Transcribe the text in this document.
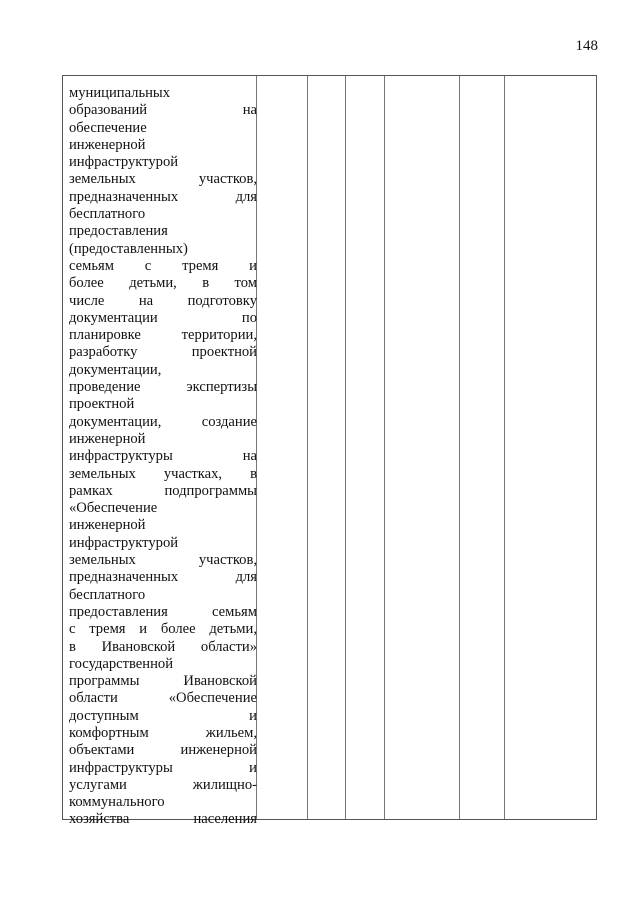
148
муниципальных
образований на
обеспечение
инженерной
инфраструктурой
земельных участков,
предназначенных для
бесплатного
предоставления
(предоставленных)
семьям с тремя и
более детьми, в том
числе на подготовку
документации по
планировке территории,
разработку проектной
документации,
проведение экспертизы
проектной
документации, создание
инженерной
инфраструктуры на
земельных участках, в
рамках подпрограммы
«Обеспечение
инженерной
инфраструктурой
земельных участков,
предназначенных для
бесплатного
предоставления семьям
с тремя и более детьми,
в Ивановской области»
государственной
программы Ивановской
области «Обеспечение
доступным и
комфортным жильем,
объектами инженерной
инфраструктуры и
услугами жилищно-
коммунального
хозяйства населения
